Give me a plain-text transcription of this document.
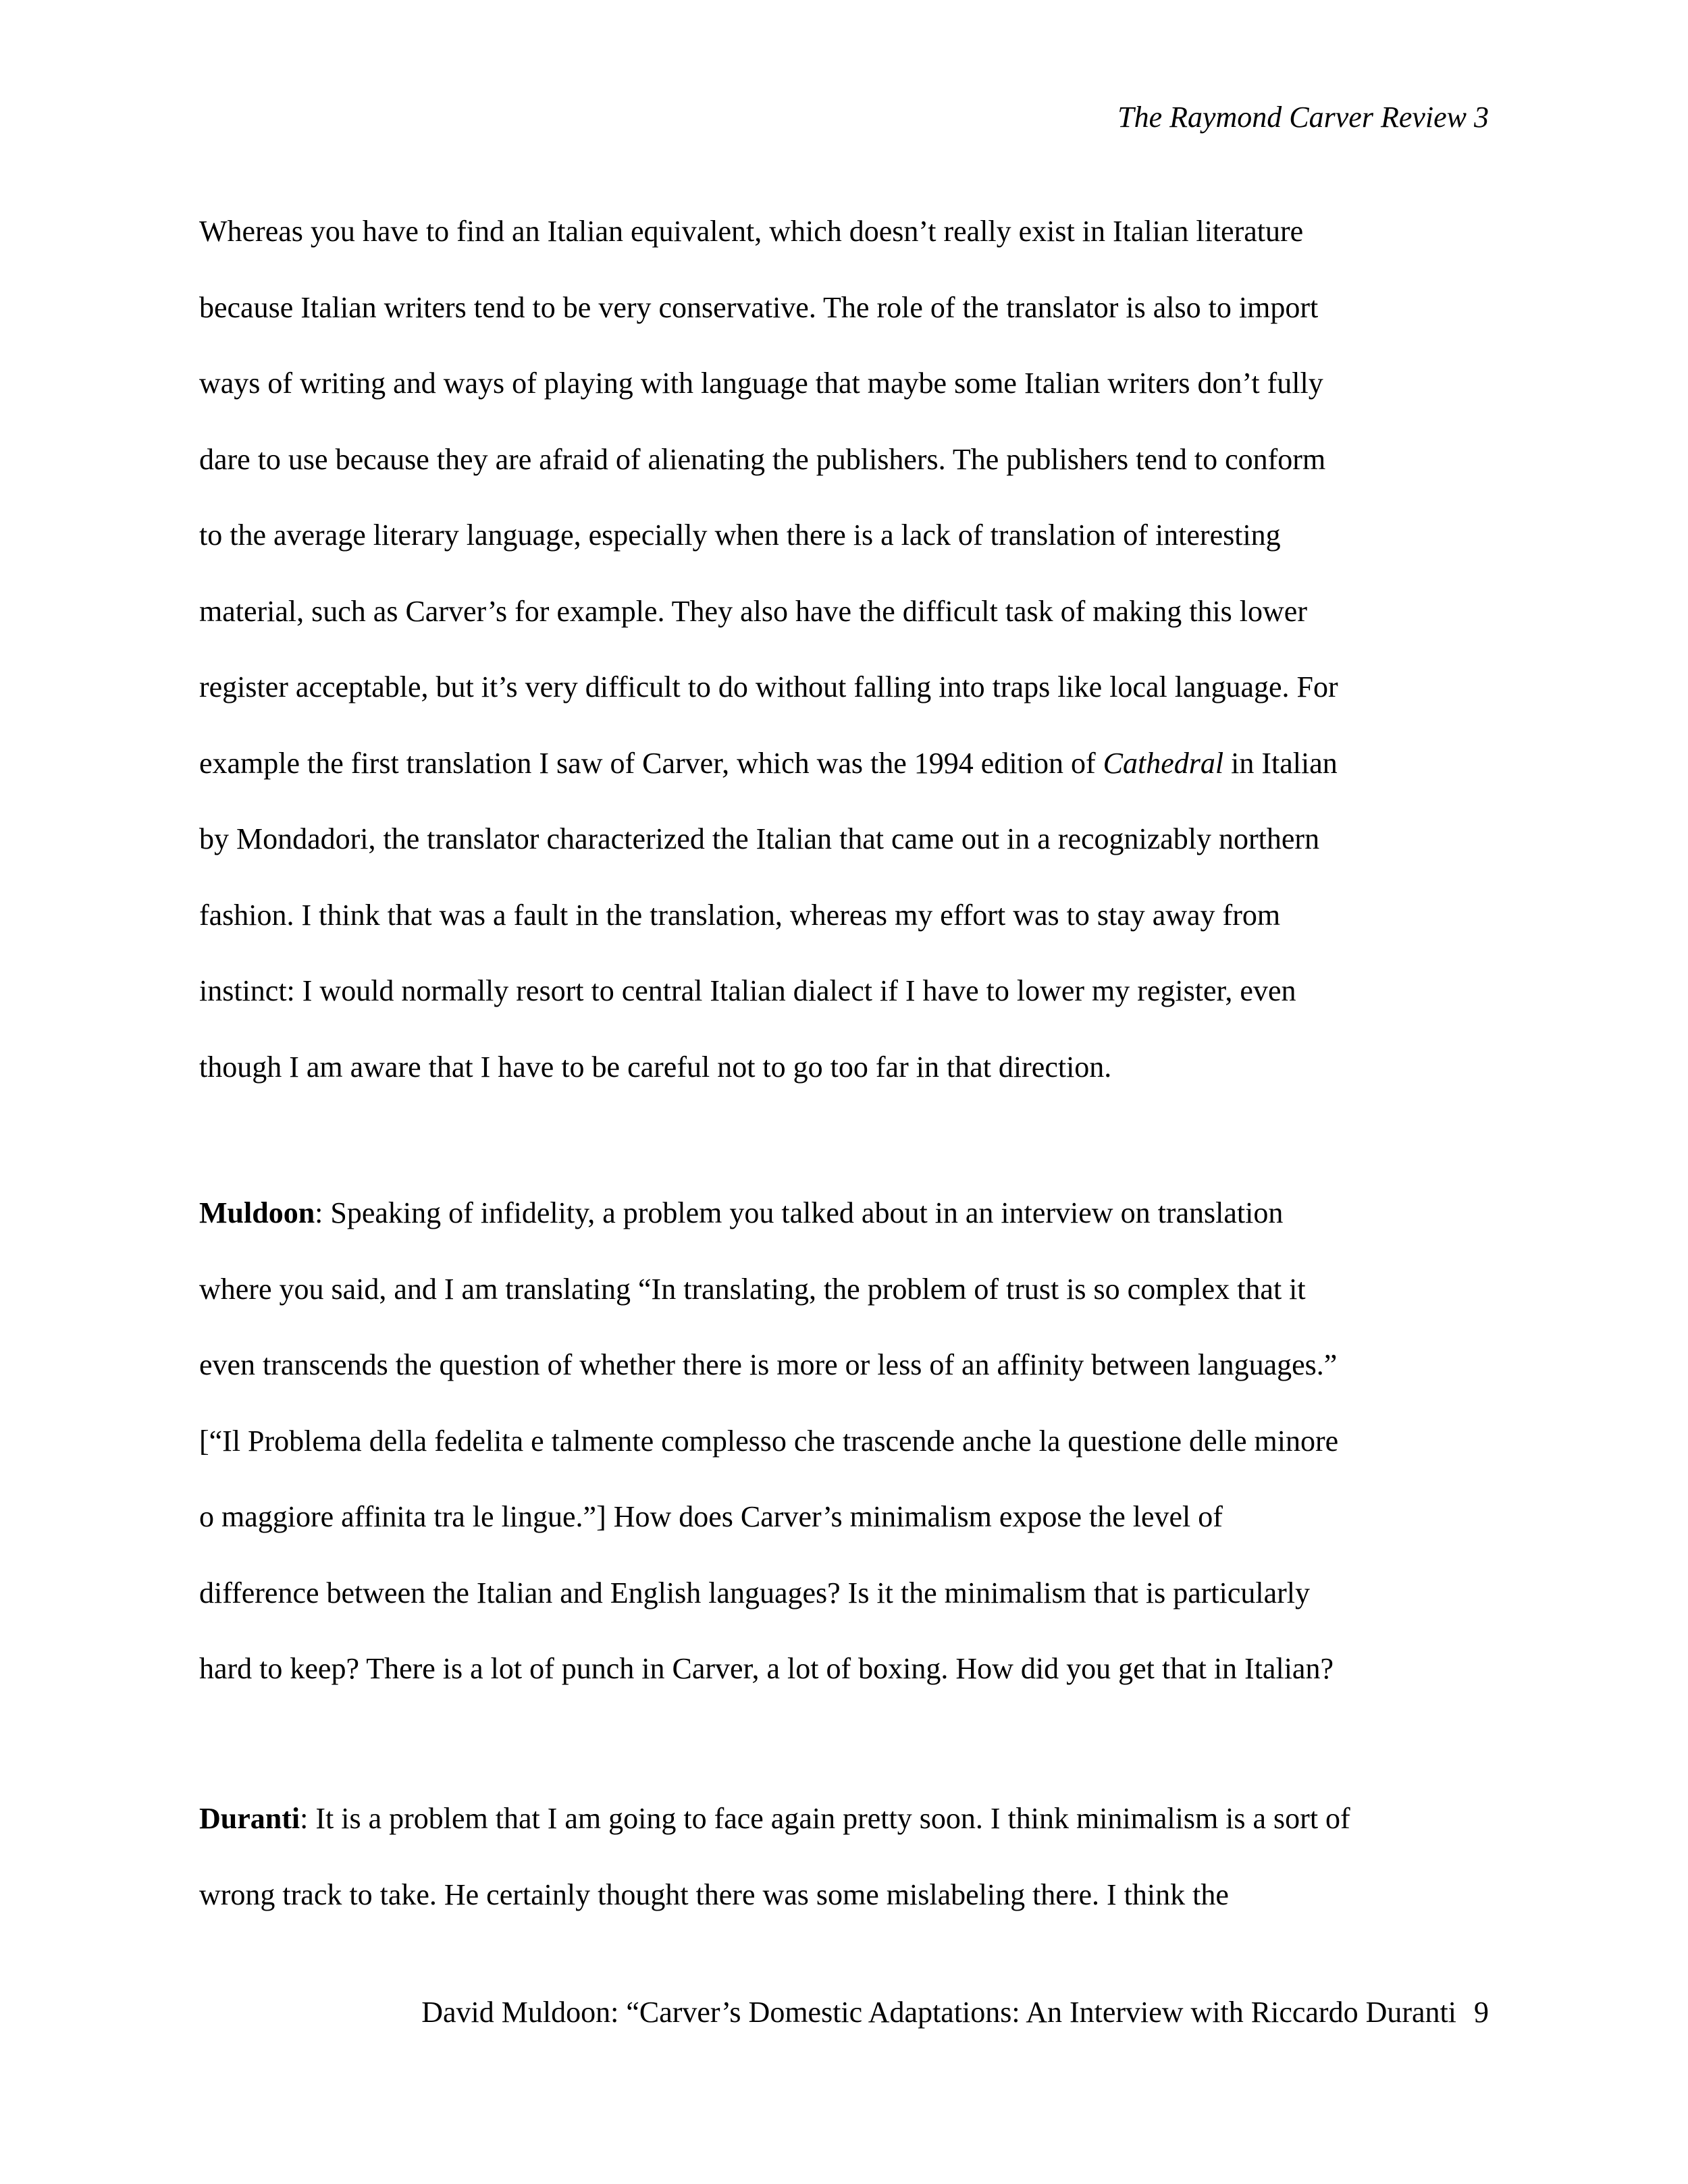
The Raymond Carver Review 3
Whereas you have to find an Italian equivalent, which doesn’t really exist in Italian literature
because Italian writers tend to be very conservative. The role of the translator is also to import
ways of writing and ways of playing with language that maybe some Italian writers don’t fully
dare to use because they are afraid of alienating the publishers. The publishers tend to conform
to the average literary language, especially when there is a lack of translation of interesting
material, such as Carver’s for example. They also have the difficult task of making this lower
register acceptable, but it’s very difficult to do without falling into traps like local language. For
example the first translation I saw of Carver, which was the 1994 edition of Cathedral in Italian
by Mondadori, the translator characterized the Italian that came out in a recognizably northern
fashion. I think that was a fault in the translation, whereas my effort was to stay away from
instinct: I would normally resort to central Italian dialect if I have to lower my register, even
though I am aware that I have to be careful not to go too far in that direction.
Muldoon: Speaking of infidelity, a problem you talked about in an interview on translation
where you said, and I am translating “In translating, the problem of trust is so complex that it
even transcends the question of whether there is more or less of an affinity between languages.”
[“Il Problema della fedelita e talmente complesso che trascende anche la questione delle minore
o maggiore affinita tra le lingue.”] How does Carver’s minimalism expose the level of
difference between the Italian and English languages? Is it the minimalism that is particularly
hard to keep? There is a lot of punch in Carver, a lot of boxing. How did you get that in Italian?
Duranti: It is a problem that I am going to face again pretty soon. I think minimalism is a sort of
wrong track to take. He certainly thought there was some mislabeling there. I think the
David Muldoon: “Carver’s Domestic Adaptations: An Interview with Riccardo Duranti 9
